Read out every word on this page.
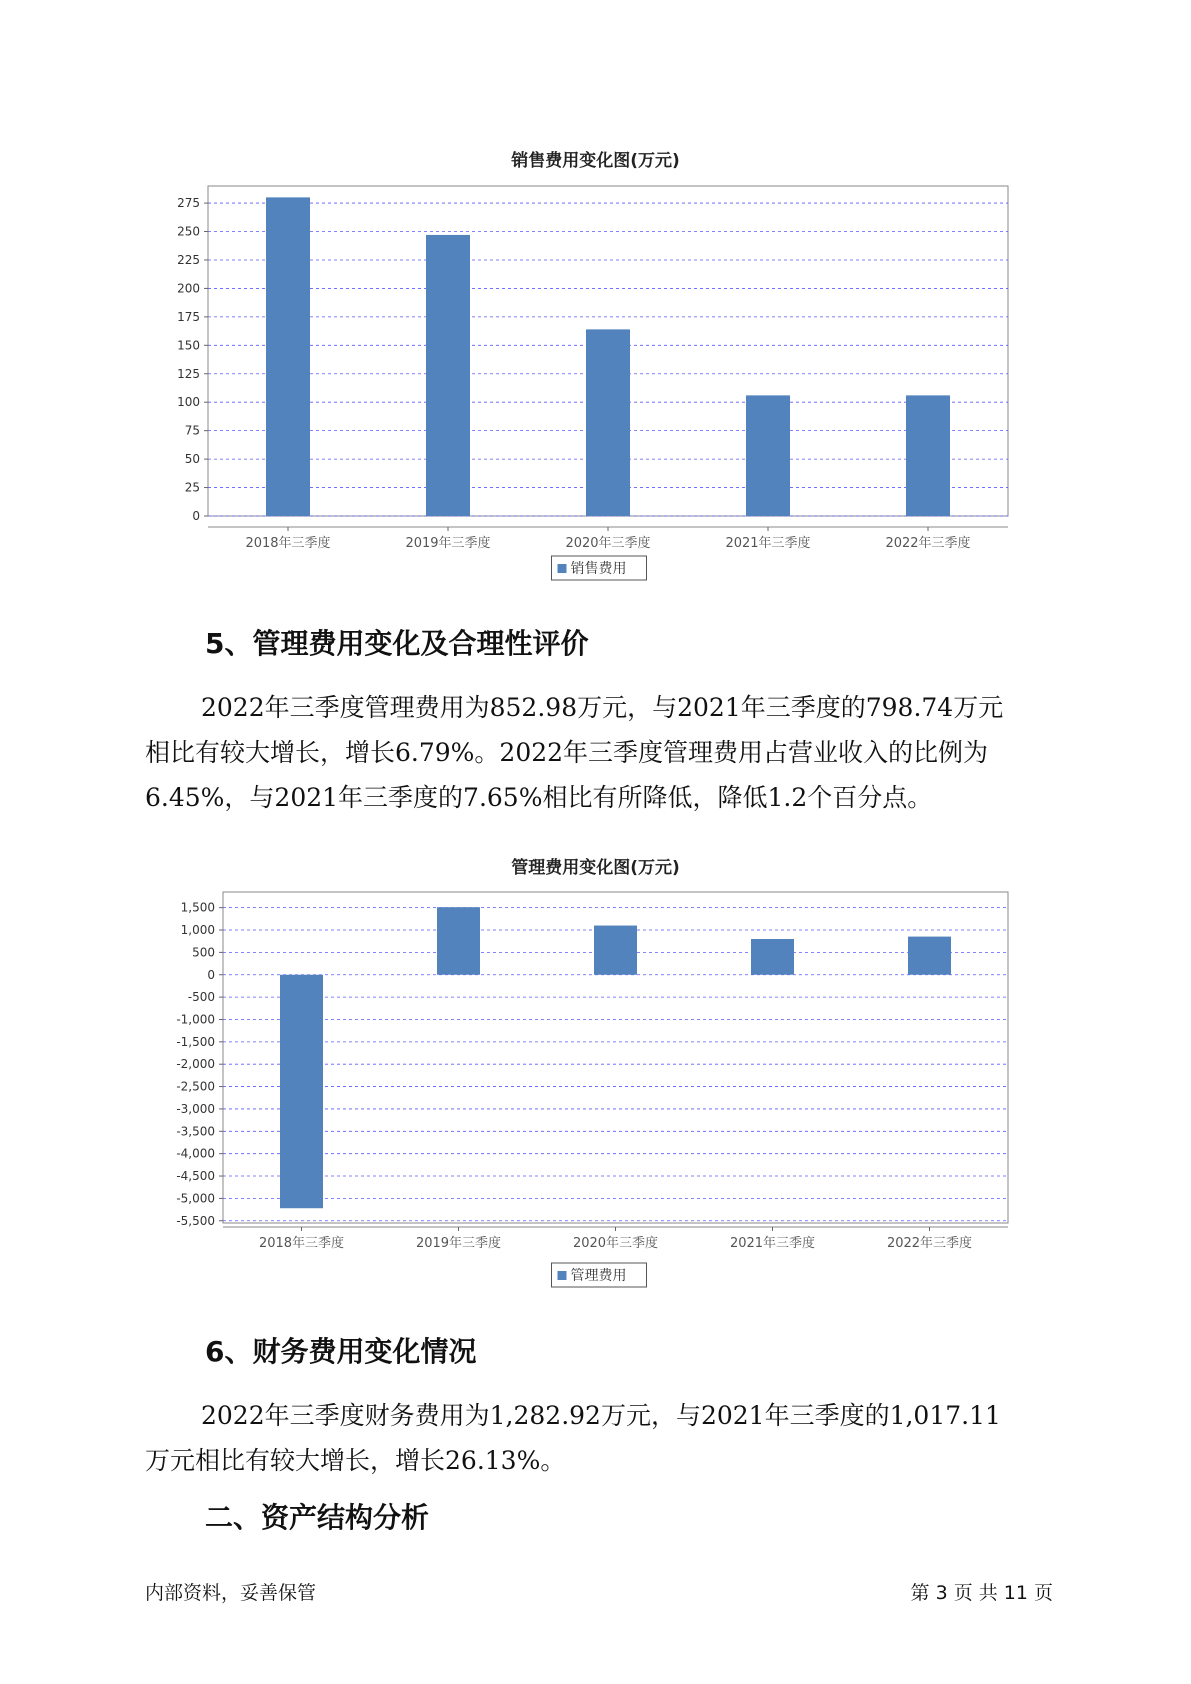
销售费用变化图(万元)
0
25
50
75
100
125
150
175
200
225
250
275
2018年三季度	2019年三季度	2020年三季度	2021年三季度	2022年三季度
销售费用
5、管理费用变化及合理性评价
2022年三季度管理费用为852.98万元，与2021年三季度的798.74万元
相比有较大增长，增长6.79%。2022年三季度管理费用占营业收入的比例为
6.45%，与2021年三季度的7.65%相比有所降低，降低1.2个百分点。
管理费用变化图(万元)
1,500
1,000
500
0
-500
-1,000
-1,500
-2,000
-2,500
-3,000
-3,500
-4,000
-4,500
-5,000
-5,500
2018年三季度	2019年三季度	2020年三季度	2021年三季度	2022年三季度
管理费用
6、财务费用变化情况
2022年三季度财务费用为1,282.92万元，与2021年三季度的1,017.11
万元相比有较大增长，增长26.13%。
二、资产结构分析
内部资料，妥善保管	第 3 页 共 11 页
